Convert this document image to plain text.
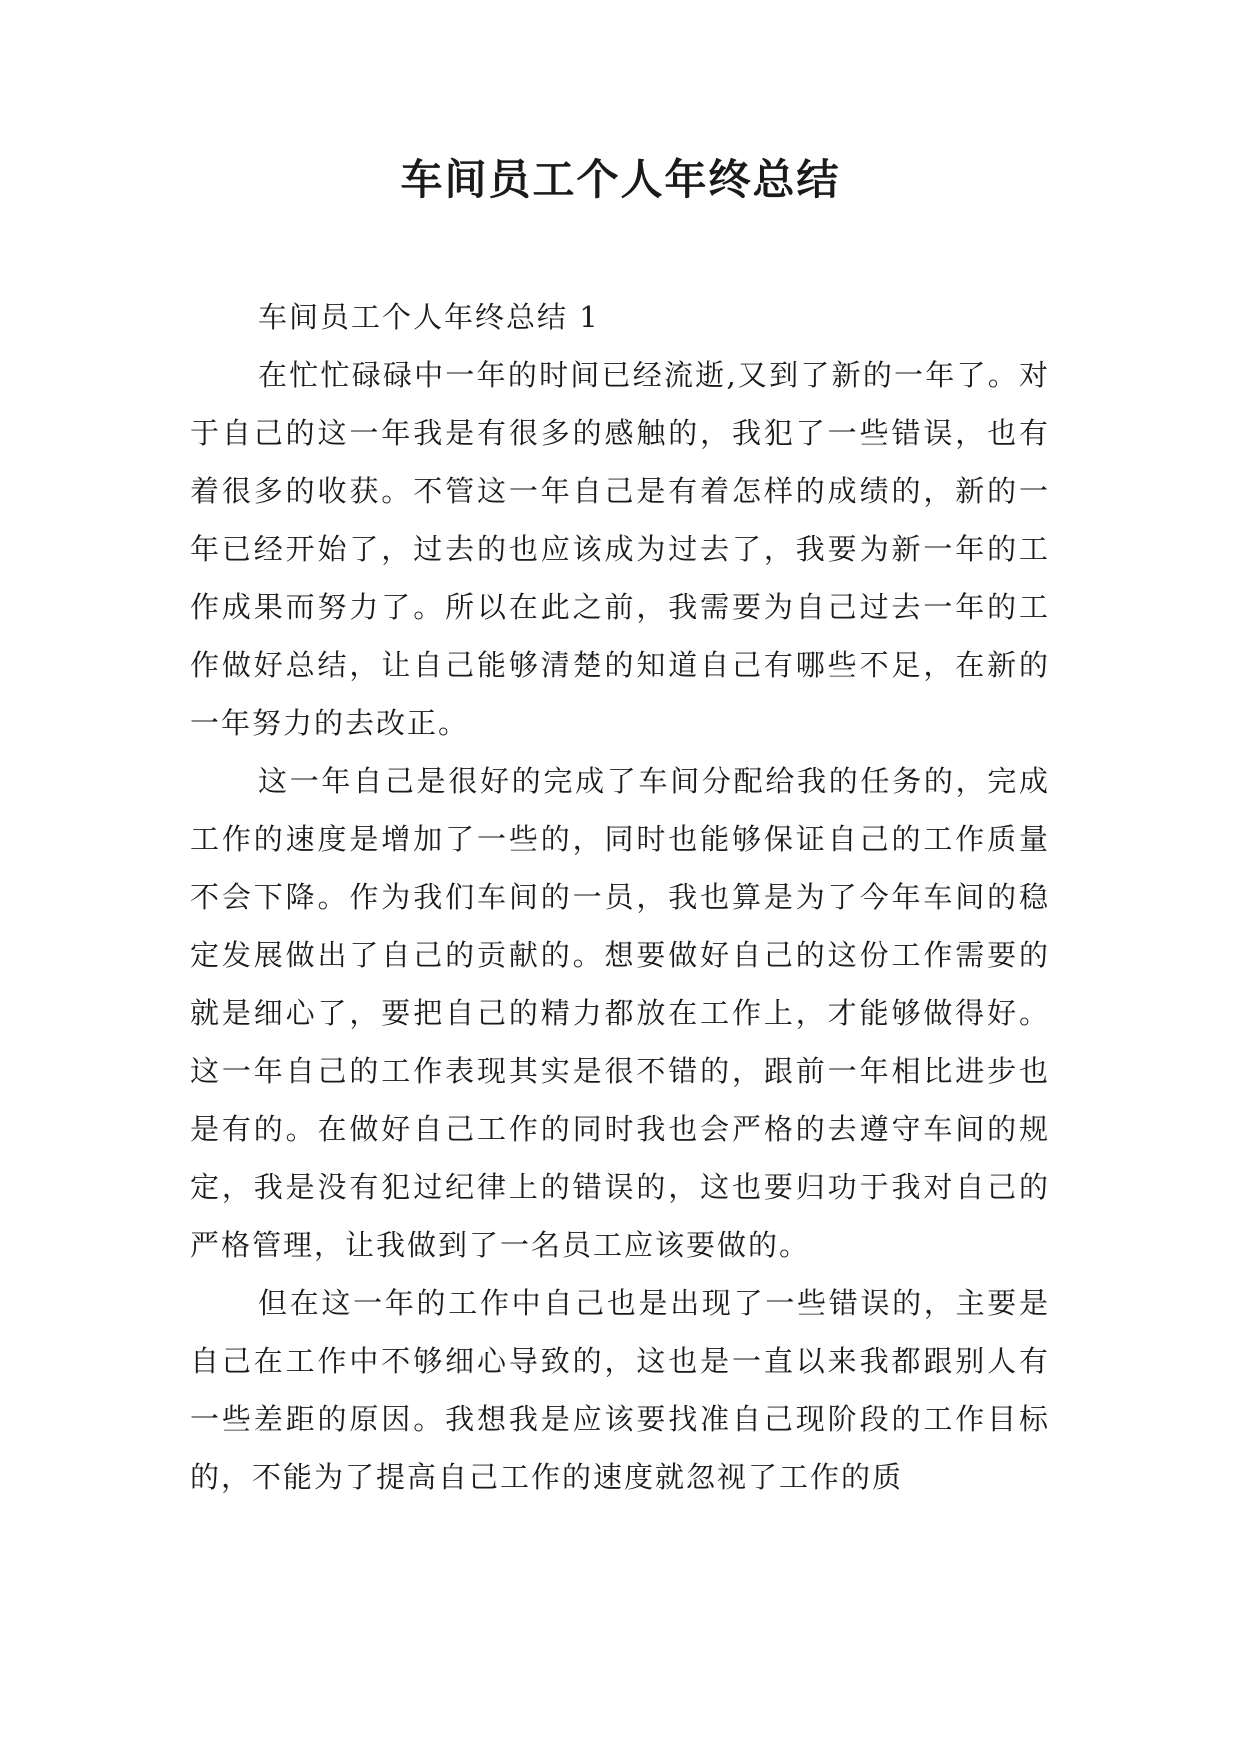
车间员工个人年终总结
车间员工个人年终总结 1

在忙忙碌碌中一年的时间已经流逝,又到了新的一年了。对于自己的这一年我是有很多的感触的，我犯了一些错误，也有着很多的收获。不管这一年自己是有着怎样的成绩的，新的一年已经开始了，过去的也应该成为过去了，我要为新一年的工作成果而努力了。所以在此之前，我需要为自己过去一年的工作做好总结，让自己能够清楚的知道自己有哪些不足，在新的一年努力的去改正。

这一年自己是很好的完成了车间分配给我的任务的，完成工作的速度是增加了一些的，同时也能够保证自己的工作质量不会下降。作为我们车间的一员，我也算是为了今年车间的稳定发展做出了自己的贡献的。想要做好自己的这份工作需要的就是细心了，要把自己的精力都放在工作上，才能够做得好。这一年自己的工作表现其实是很不错的，跟前一年相比进步也是有的。在做好自己工作的同时我也会严格的去遵守车间的规定，我是没有犯过纪律上的错误的，这也要归功于我对自己的严格管理，让我做到了一名员工应该要做的。

但在这一年的工作中自己也是出现了一些错误的，主要是自己在工作中不够细心导致的，这也是一直以来我都跟别人有一些差距的原因。我想我是应该要找准自己现阶段的工作目标的，不能为了提高自己工作的速度就忽视了工作的质
